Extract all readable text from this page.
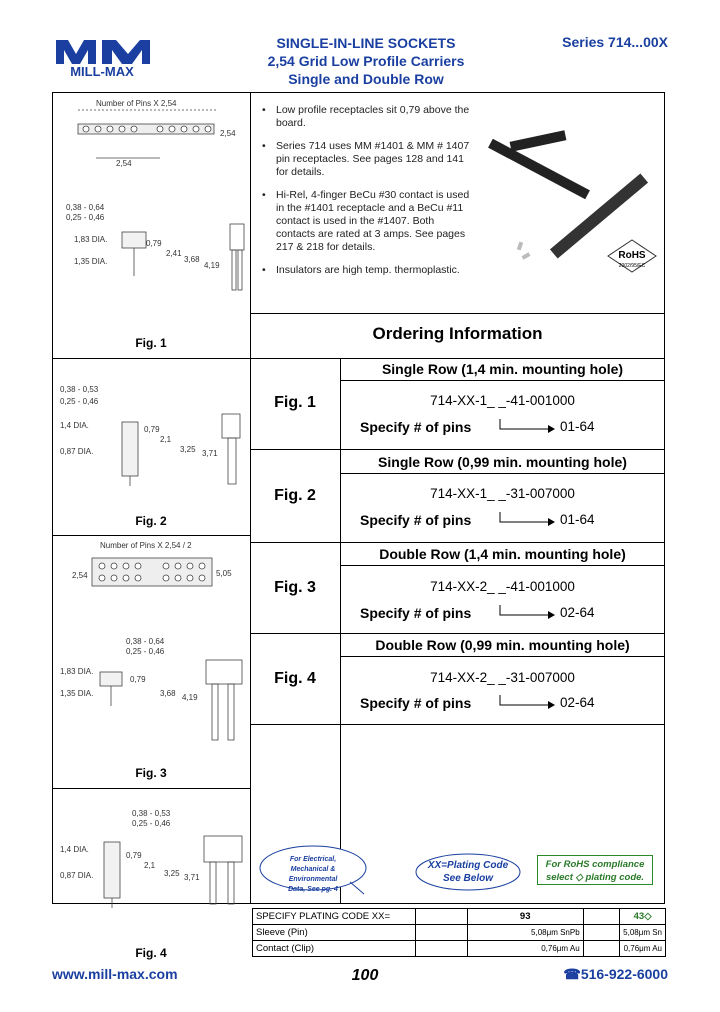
MILL-MAX
SINGLE-IN-LINE SOCKETS
2,54 Grid Low Profile Carriers
Single and Double Row
Series 714...00X
Number of Pins X 2,54
2,54
2,54
0,38 - 0,64
0,25 - 0,46
1,83 DIA.
1,35 DIA.
0,79
2,41
3,68
4,19
Fig. 1
0,38 - 0,53
0,25 - 0,46
1,4 DIA.	0,79
2,1
3,25
0,87 DIA.	3,71
Fig. 2
Number of Pins X 2,54 / 2
2,54	5,05
0,38 - 0,64
0,25 - 0,46
1,83 DIA.
1,35 DIA.
0,79
3,68 4,19
Fig. 3
0,38 - 0,53
0,25 - 0,46
1,4 DIA.
0,79
2,1
3,25
0,87 DIA.	3,71
Fig. 4
• Low profile receptacles sit 0,79 above the board.
• Series 714 uses MM #1401 & MM # 1407 pin receptacles. See pages 128 and 141 for details.
• Hi-Rel, 4-finger BeCu #30 contact is used in the #1401 receptacle and a BeCu #11 contact is used in the #1407. Both contacts are rated at 3 amps. See pages 217 & 218 for details.
• Insulators are high temp. thermoplastic.
RoHS
2002/95/EC
Ordering Information
Single Row (1,4 min. mounting hole)
Fig. 1	714-XX-1_ _-41-001000
Specify # of pins	01-64
Single Row (0,99 min. mounting hole)
Fig. 2	714-XX-1_ _-31-007000
Specify # of pins	01-64
Double Row (1,4 min. mounting hole)
Fig. 3	714-XX-2_ _-41-001000
Specify # of pins	02-64
Double Row (0,99 min. mounting hole)
Fig. 4	714-XX-2_ _-31-007000
Specify # of pins	02-64
For Electrical,
Mechanical & Environmental
Data, See pg. 4
XX=Plating Code
See Below
For RoHS compliance
select ◇ plating code.
SPECIFY PLATING CODE XX=		93		43◇
Sleeve (Pin)		5,08μm SnPb		5,08μm Sn
Contact (Clip)		0,76μm Au		0,76μm Au
www.mill-max.com	100	☎516-922-6000
